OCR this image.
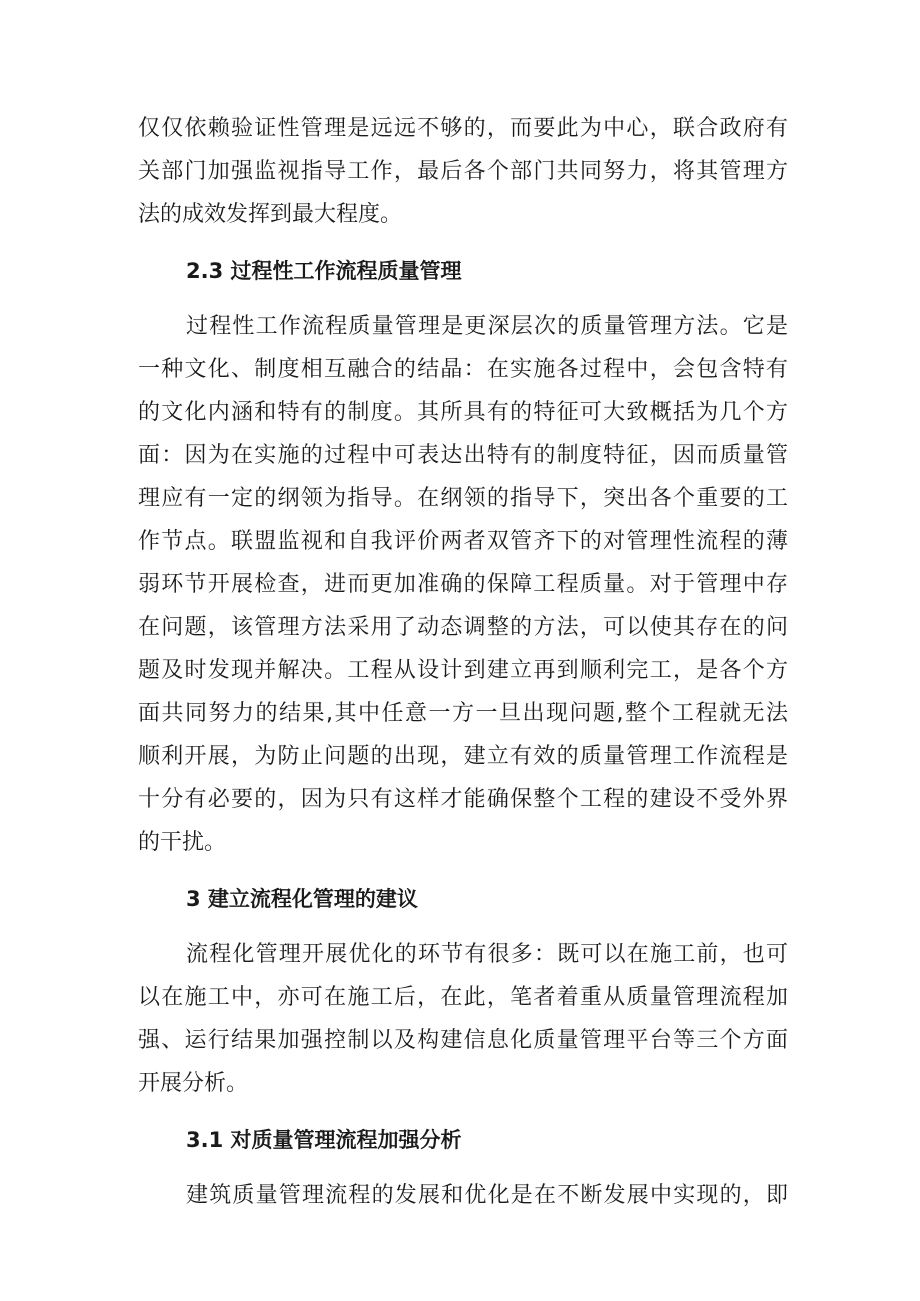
仅仅依赖验证性管理是远远不够的，而要此为中心，联合政府有

关部门加强监视指导工作，最后各个部门共同努力，将其管理方

法的成效发挥到最大程度。

2.3 过程性工作流程质量管理

过程性工作流程质量管理是更深层次的质量管理方法。它是

一种文化、制度相互融合的结晶：在实施各过程中，会包含特有

的文化内涵和特有的制度。其所具有的特征可大致概括为几个方

面：因为在实施的过程中可表达出特有的制度特征，因而质量管

理应有一定的纲领为指导。在纲领的指导下，突出各个重要的工

作节点。联盟监视和自我评价两者双管齐下的对管理性流程的薄

弱环节开展检查，进而更加准确的保障工程质量。对于管理中存

在问题，该管理方法采用了动态调整的方法，可以使其存在的问

题及时发现并解决。工程从设计到建立再到顺利完工，是各个方

面共同努力的结果,其中任意一方一旦出现问题,整个工程就无法

顺利开展，为防止问题的出现，建立有效的质量管理工作流程是

十分有必要的，因为只有这样才能确保整个工程的建设不受外界

的干扰。

3 建立流程化管理的建议

流程化管理开展优化的环节有很多：既可以在施工前，也可

以在施工中，亦可在施工后，在此，笔者着重从质量管理流程加

强、运行结果加强控制以及构建信息化质量管理平台等三个方面

开展分析。

3.1 对质量管理流程加强分析

建筑质量管理流程的发展和优化是在不断发展中实现的，即
